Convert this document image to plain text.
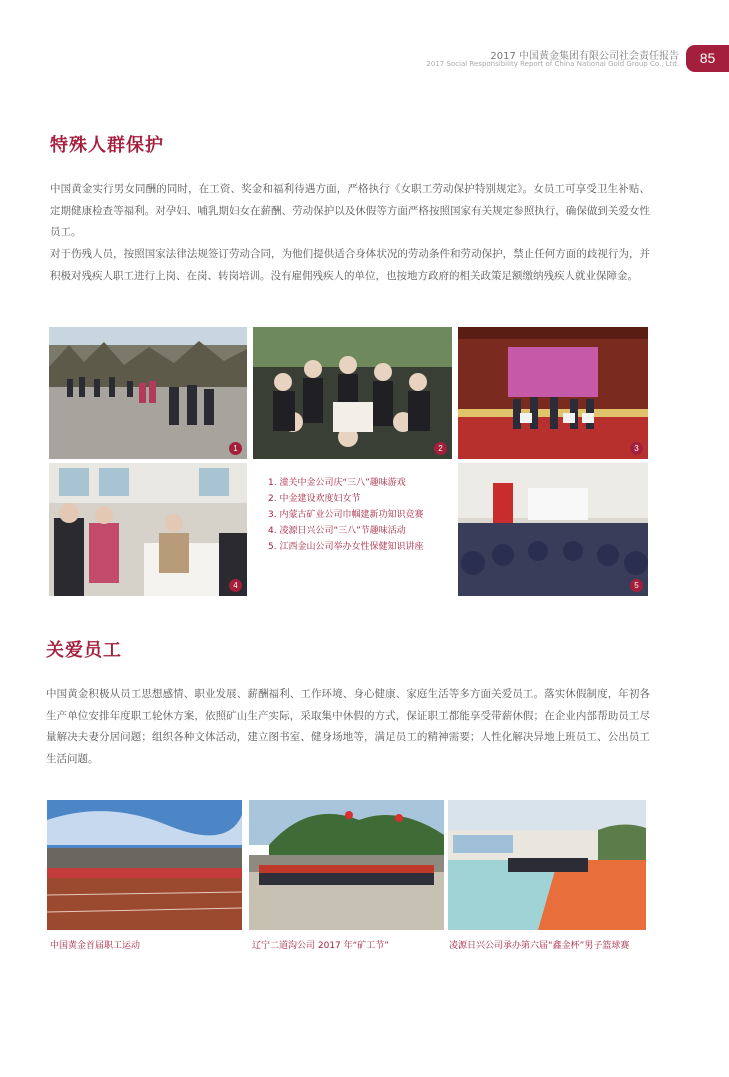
2017 中国黄金集团有限公司社会责任报告
2017 Social Responsibility Report of China National Gold Group Co., Ltd.	85
特殊人群保护
中国黄金实行男女同酬的同时，在工资、奖金和福利待遇方面，严格执行《女职工劳动保护特别规定》。女员工可享受卫生补贴、定期健康检查等福利。对孕妇、哺乳期妇女在薪酬、劳动保护以及休假等方面严格按照国家有关规定参照执行，确保做到关爱女性员工。
对于伤残人员，按照国家法律法规签订劳动合同，为他们提供适合身体状况的劳动条件和劳动保护，禁止任何方面的歧视行为，并积极对残疾人职工进行上岗、在岗、转岗培训。没有雇佣残疾人的单位，也按地方政府的相关政策足额缴纳残疾人就业保障金。
1	2	3
4
1. 潼关中金公司庆“三八”趣味游戏
2. 中金建设欢度妇女节
3. 内蒙古矿业公司巾帼建新功知识竞赛
4. 凌源日兴公司“三八”节趣味活动
5. 江西金山公司举办女性保健知识讲座
5
关爱员工
中国黄金积极从员工思想感情、职业发展、薪酬福利、工作环境、身心健康、家庭生活等多方面关爱员工。落实休假制度，年初各生产单位安排年度职工轮休方案，依照矿山生产实际，采取集中休假的方式，保证职工都能享受带薪休假；在企业内部帮助员工尽量解决夫妻分居问题；组织各种文体活动，建立图书室、健身场地等，满足员工的精神需要；人性化解决异地上班员工、公出员工生活问题。
中国黄金首届职工运动	辽宁二道沟公司 2017 年“矿工节”	凌源日兴公司承办第六届“鑫金杯”男子篮球赛
